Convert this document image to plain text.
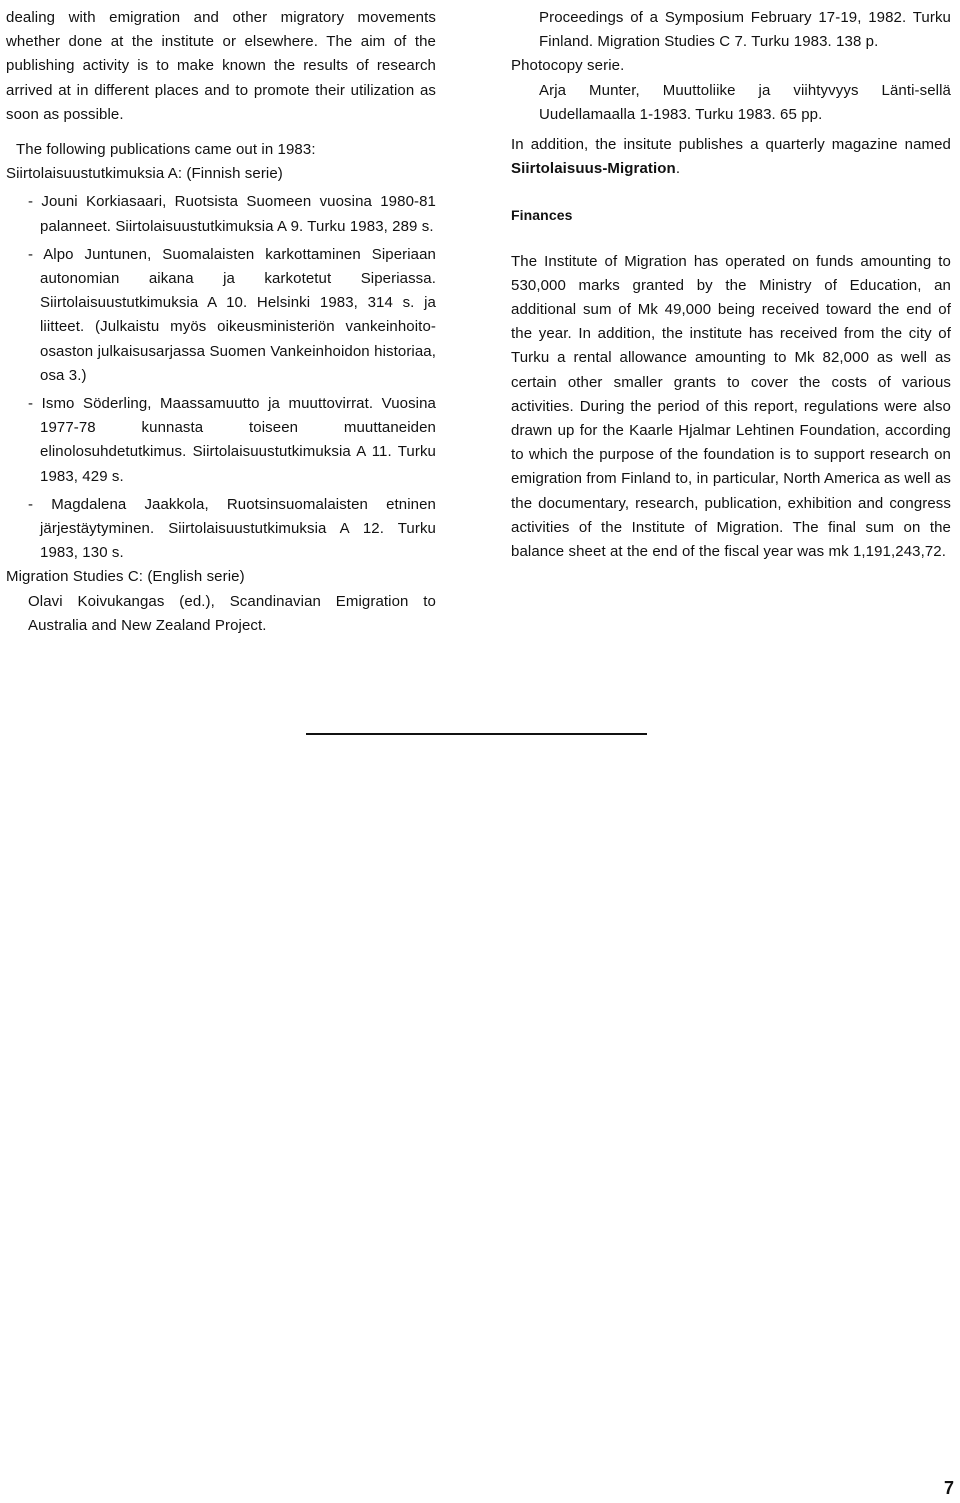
dealing with emigration and other migratory movements whether done at the institute or elsewhere. The aim of the publishing activity is to make known the results of research arrived at in different places and to promote their utilization as soon as possible.

The following publications came out in 1983:

Siirtolaisuustutkimuksia A: (Finnish serie)

- Jouni Korkiasaari, Ruotsista Suomeen vuosina 1980-81 palanneet. Siirtolaisuustutkimuksia A 9. Turku 1983, 289 s.

- Alpo Juntunen, Suomalaisten karkottaminen Siperiaan autonomian aikana ja karkotetut Siperiassa. Siirtolaisuustutkimuksia A 10. Helsinki 1983, 314 s. ja liitteet. (Julkaistu myös oikeusministeriön vankeinhoito-osaston julkaisusarjassa Suomen Vankeinhoidon historiaa, osa 3.)

- Ismo Söderling, Maassamuutto ja muuttovirrat. Vuosina 1977-78 kunnasta toiseen muuttaneiden elinolosuhdetutkimus. Siirtolaisuustutkimuksia A 11. Turku 1983, 429 s.

- Magdalena Jaakkola, Ruotsinsuomalaisten etninen järjestäytyminen. Siirtolaisuustutkimuksia A 12. Turku 1983, 130 s.

Migration Studies C: (English serie)

Olavi Koivukangas (ed.), Scandinavian Emigration to Australia and New Zealand Project.

Proceedings of a Symposium February 17-19, 1982. Turku Finland. Migration Studies C 7. Turku 1983. 138 p.

Photocopy serie.

Arja Munter, Muuttoliike ja viihtyvyys Länti-sellä Uudellamaalla 1-1983. Turku 1983. 65 pp.

In addition, the insitute publishes a quarterly magazine named Siirtolaisuus-Migration.

Finances

The Institute of Migration has operated on funds amounting to 530,000 marks granted by the Ministry of Education, an additional sum of Mk 49,000 being received toward the end of the year. In addition, the institute has received from the city of Turku a rental allowance amounting to Mk 82,000 as well as certain other smaller grants to cover the costs of various activities. During the period of this report, regulations were also drawn up for the Kaarle Hjalmar Lehtinen Foundation, according to which the purpose of the foundation is to support research on emigration from Finland to, in particular, North America as well as the documentary, research, publication, exhibition and congress activities of the Institute of Migration. The final sum on the balance sheet at the end of the fiscal year was mk 1,191,243,72.

7
